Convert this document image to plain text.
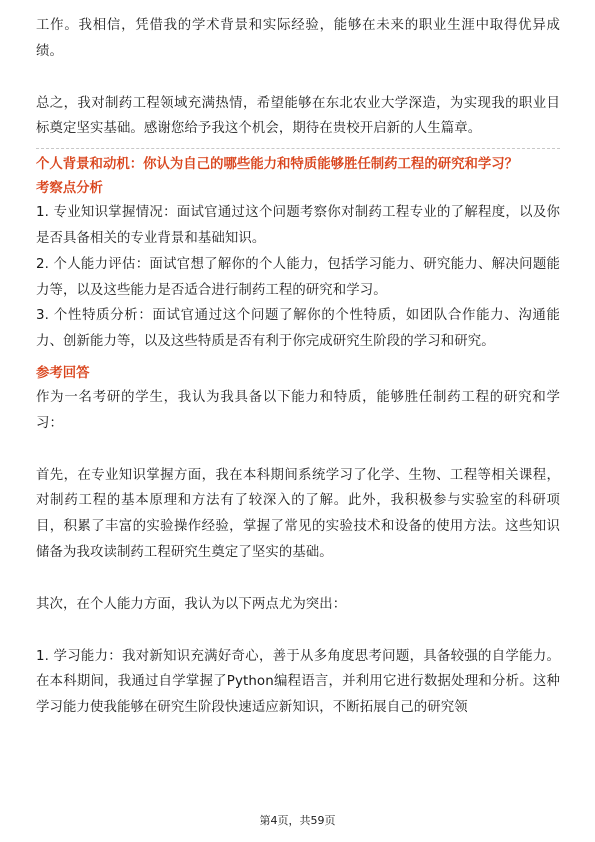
工作。我相信，凭借我的学术背景和实际经验，能够在未来的职业生涯中取得优异成绩。

总之，我对制药工程领域充满热情，希望能够在东北农业大学深造，为实现我的职业目标奠定坚实基础。感谢您给予我这个机会，期待在贵校开启新的人生篇章。

个人背景和动机：你认为自己的哪些能力和特质能够胜任制药工程的研究和学习？
考察点分析

1. 专业知识掌握情况：面试官通过这个问题考察你对制药工程专业的了解程度，以及你是否具备相关的专业背景和基础知识。

2. 个人能力评估：面试官想了解你的个人能力，包括学习能力、研究能力、解决问题能力等，以及这些能力是否适合进行制药工程的研究和学习。

3. 个性特质分析：面试官通过这个问题了解你的个性特质，如团队合作能力、沟通能力、创新能力等，以及这些特质是否有利于你完成研究生阶段的学习和研究。

参考回答

作为一名考研的学生，我认为我具备以下能力和特质，能够胜任制药工程的研究和学习：

首先，在专业知识掌握方面，我在本科期间系统学习了化学、生物、工程等相关课程，对制药工程的基本原理和方法有了较深入的了解。此外，我积极参与实验室的科研项目，积累了丰富的实验操作经验，掌握了常见的实验技术和设备的使用方法。这些知识储备为我攻读制药工程研究生奠定了坚实的基础。

其次，在个人能力方面，我认为以下两点尤为突出：

1. 学习能力：我对新知识充满好奇心，善于从多角度思考问题，具备较强的自学能力。在本科期间，我通过自学掌握了Python编程语言，并利用它进行数据处理和分析。这种学习能力使我能够在研究生阶段快速适应新知识，不断拓展自己的研究领

第4页，共59页
